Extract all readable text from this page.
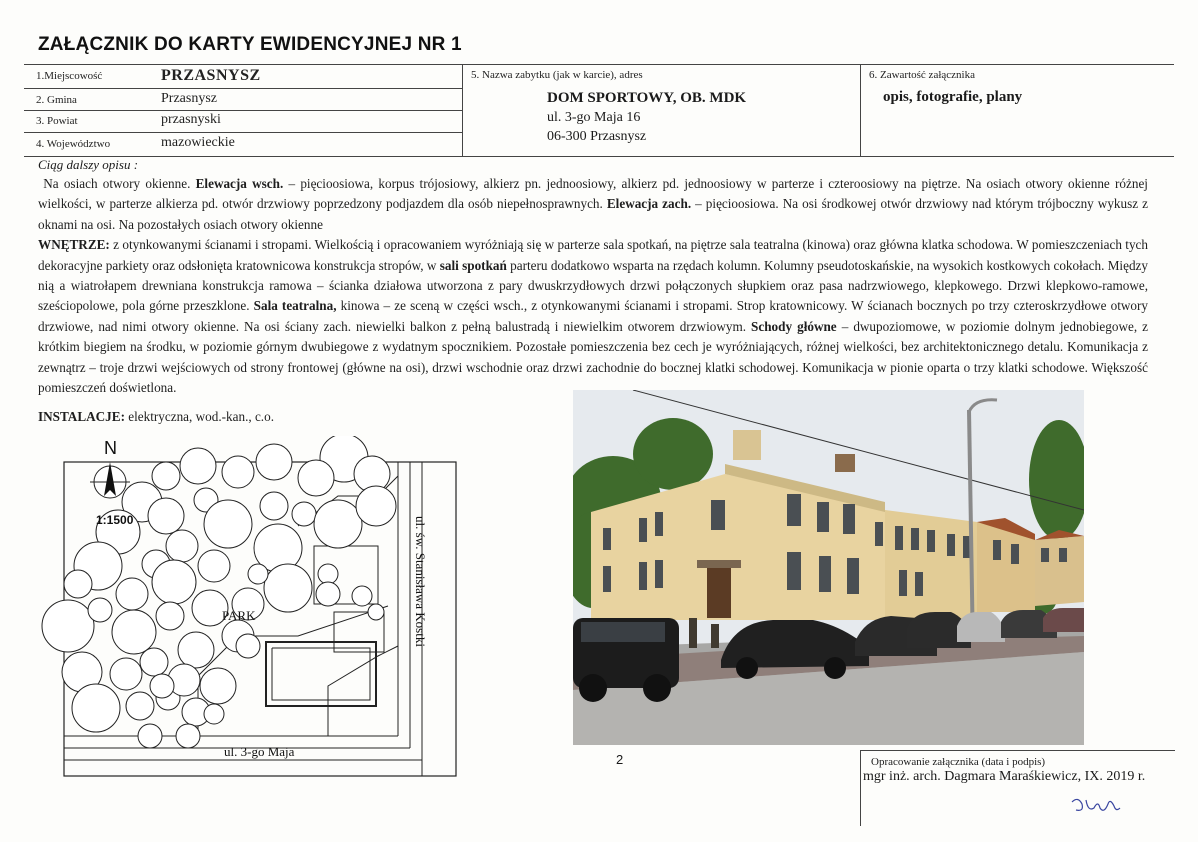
ZAŁĄCZNIK DO KARTY EWIDENCYJNEJ NR 1
1.Miejscowość	PRZASNYSZ
2. Gmina	Przasnysz
3. Powiat	przasnyski
4. Województwo	mazowieckie
5. Nazwa zabytku (jak w karcie), adres
DOM SPORTOWY, OB. MDK
ul. 3-go Maja 16
06-300 Przasnysz
6. Zawartość załącznika
opis, fotografie, plany
Ciąg dalszy opisu :

Na osiach otwory okienne. Elewacja wsch. – pięcioosiowa, korpus trójosiowy, alkierz pn. jednoosiowy, alkierz pd. jednoosiowy w parterze i czteroosiowy na piętrze. Na osiach otwory okienne różnej wielkości, w parterze alkierza pd. otwór drzwiowy poprzedzony podjazdem dla osób niepełnosprawnych. Elewacja zach. – pięcioosiowa. Na osi środkowej otwór drzwiowy nad którym trójboczny wykusz z oknami na osi. Na pozostałych osiach otwory okienne

WNĘTRZE: z otynkowanymi ścianami i stropami. Wielkością i opracowaniem wyróżniają się w parterze sala spotkań, na piętrze sala teatralna (kinowa) oraz główna klatka schodowa. W pomieszczeniach tych dekoracyjne parkiety oraz odsłonięta kratownicowa konstrukcja stropów, w sali spotkań parteru dodatkowo wsparta na rzędach kolumn. Kolumny pseudotoskańskie, na wysokich kostkowych cokołach. Między nią a wiatrołapem drewniana konstrukcja ramowa – ścianka działowa utworzona z pary dwuskrzydłowych drzwi połączonych słupkiem oraz pasa nadrzwiowego, klepkowego. Drzwi klepkowo-ramowe, sześciopolowe, pola górne przeszklone. Sala teatralna, kinowa – ze sceną w części wsch., z otynkowanymi ścianami i stropami. Strop kratownicowy. W ścianach bocznych po trzy czteroskrzydłowe otwory drzwiowe, nad nimi otwory okienne. Na osi ściany zach. niewielki balkon z pełną balustradą i niewielkim otworem drzwiowym. Schody główne – dwupoziomowe, w poziomie dolnym jednobiegowe, z krótkim biegiem na środku, w poziomie górnym dwubiegowe z wydatnym spocznikiem. Pozostałe pomieszczenia bez cech je wyróżniających, różnej wielkości, bez architektonicznego detalu. Komunikacja z zewnątrz – troje drzwi wejściowych od strony frontowej (główne na osi), drzwi wschodnie oraz drzwi zachodnie do bocznej klatki schodowej. Komunikacja w pionie oparta o trzy klatki schodowe. Większość pomieszczeń doświetlona.

INSTALACJE: elektryczna, wod.-kan., c.o.
N
1:1500
PARK	ul. św. Stanisława Kostki
ul. 3-go Maja
2	Opracowanie załącznika (data i podpis)
mgr inż. arch. Dagmara Maraśkiewicz, IX. 2019 r.
